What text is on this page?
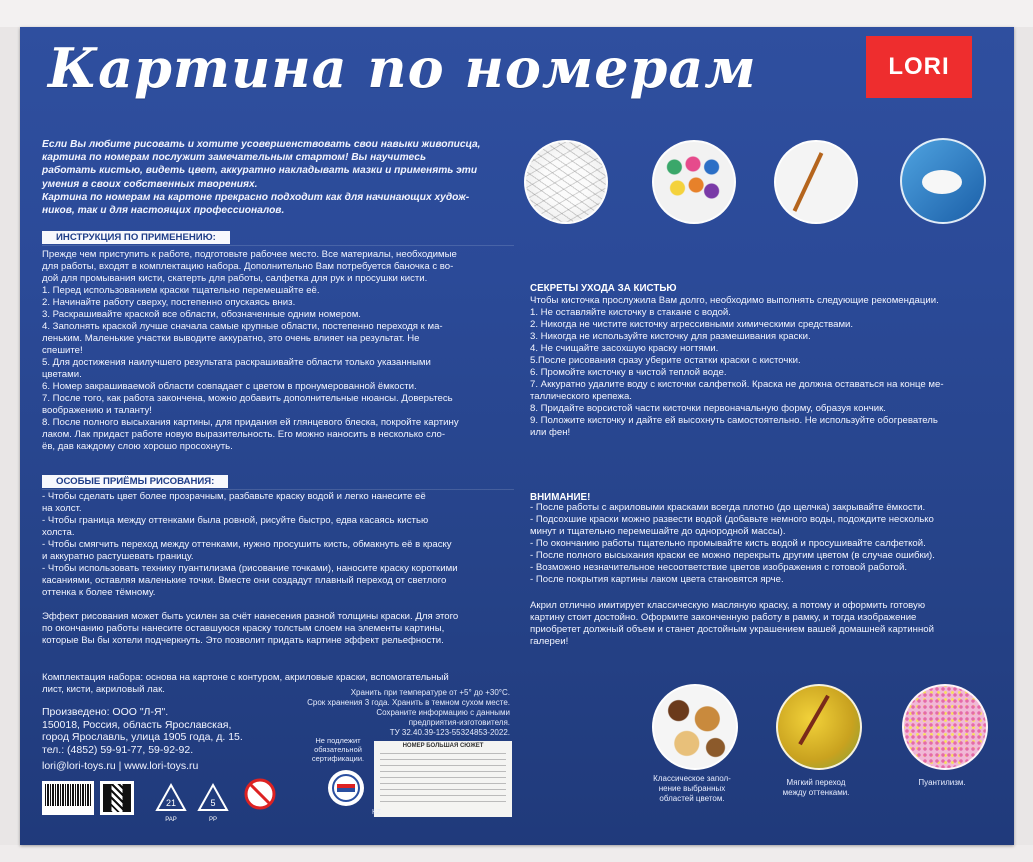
Картина по номерам	LORI
Если Вы любите рисовать и хотите усовершенствовать свои навыки живописца,
картина по номерам послужит замечательным стартом! Вы научитесь
работать кистью, видеть цвет, аккуратно накладывать мазки и применять эти
умения в своих собственных творениях.
Картина по номерам на картоне прекрасно подходит как для начинающих худож-
ников, так и для настоящих профессионалов.
ИНСТРУКЦИЯ ПО ПРИМЕНЕНИЮ:
Прежде чем приступить к работе, подготовьте рабочее место. Все материалы, необходимые
для работы, входят в комплектацию набора. Дополнительно Вам потребуется баночка с во-
дой для промывания кисти, скатерть для работы, салфетка для рук и просушки кисти.
1. Перед использованием краски тщательно перемешайте её.
2. Начинайте работу сверху, постепенно опускаясь вниз.
3. Раскрашивайте краской все области, обозначенные одним номером.
4. Заполнять краской лучше сначала самые крупные области, постепенно переходя к ма-
леньким. Маленькие участки выводите аккуратно, это очень влияет на результат. Не
спешите!
5. Для достижения наилучшего результата раскрашивайте области только указанными
цветами.
6. Номер закрашиваемой области совпадает с цветом в пронумерованной ёмкости.
7. После того, как работа закончена, можно добавить дополнительные нюансы. Доверьтесь
воображению и таланту!
8. После полного высыхания картины, для придания ей глянцевого блеска, покройте картину
лаком. Лак придаст работе новую выразительность. Его можно наносить в несколько сло-
ёв, дав каждому слою хорошо просохнуть.
ОСОБЫЕ ПРИЁМЫ РИСОВАНИЯ:
- Чтобы сделать цвет более прозрачным, разбавьте краску водой и легко нанесите её
на холст.
- Чтобы граница между оттенками была ровной, рисуйте быстро, едва касаясь кистью
холста.
- Чтобы смягчить переход между оттенками, нужно просушить кисть, обмакнуть её в краску
и аккуратно растушевать границу.
- Чтобы использовать технику пуантилизма (рисование точками), наносите краску короткими
касаниями, оставляя маленькие точки. Вместе они создадут плавный переход от светлого
оттенка к более тёмному.

Эффект рисования может быть усилен за счёт нанесения разной толщины краски. Для этого
по окончанию работы нанесите оставшуюся краску толстым слоем на элементы картины,
которые Вы бы хотели подчеркнуть. Это позволит придать картине эффект рельефности.
Комплектация набора: основа на картоне с контуром, акриловые краски, вспомогательный
лист, кисти, акриловый лак.
Произведено: ООО "Л-Я".
150018, Россия, область Ярославская,
город Ярославль, улица 1905 года, д. 15.
тел.: (4852) 59-91-77, 59-92-92.
lori@lori-toys.ru | www.lori-toys.ru
Хранить при температуре от +5° до +30°С.
Срок хранения 3 года. Хранить в темном сухом месте.
Сохраните информацию с данными
предприятия-изготовителя.
ТУ 32.40.39-123-55324853-2022.
Не подлежит
обязательной
сертификации.
НОМЕР БОЛЬШАЯ СЮЖЕТ
21
PAP
5
PP
KZ
СЕКРЕТЫ УХОДА ЗА КИСТЬЮ
Чтобы кисточка прослужила Вам долго, необходимо выполнять следующие рекомендации.
1. Не оставляйте кисточку в стакане с водой.
2. Никогда не чистите кисточку агрессивными химическими средствами.
3. Никогда не используйте кисточку для размешивания краски.
4. Не счищайте засохшую краску ногтями.
5.После рисования сразу уберите остатки краски с кисточки.
6. Промойте кисточку в чистой теплой воде.
7. Аккуратно удалите воду с кисточки салфеткой. Краска не должна оставаться на конце ме-
таллического крепежа.
8. Придайте ворсистой части кисточки первоначальную форму, образуя кончик.
9. Положите кисточку и дайте ей высохнуть самостоятельно. Не используйте обогреватель
или фен!
ВНИМАНИЕ!
- После работы с акриловыми красками всегда плотно (до щелчка) закрывайте ёмкости.
- Подсохшие краски можно развести водой (добавьте немного воды, подождите несколько
минут и тщательно перемешайте до однородной массы).
- По окончанию работы тщательно промывайте кисть водой и просушивайте салфеткой.
- После полного высыхания краски ее можно перекрыть другим цветом (в случае ошибки).
- Возможно незначительное несоответствие цветов изображения с готовой работой.
- После покрытия картины лаком цвета становятся ярче.
Акрил отлично имитирует классическую масляную краску, а потому и оформить готовую
картину стоит достойно. Оформите законченную работу в рамку, и тогда изображение
приобретет должный объем и станет достойным украшением вашей домашней картинной
галереи!
Классическое запол-
нение выбранных
областей цветом.
Мягкий переход
между оттенками.
Пуантилизм.
